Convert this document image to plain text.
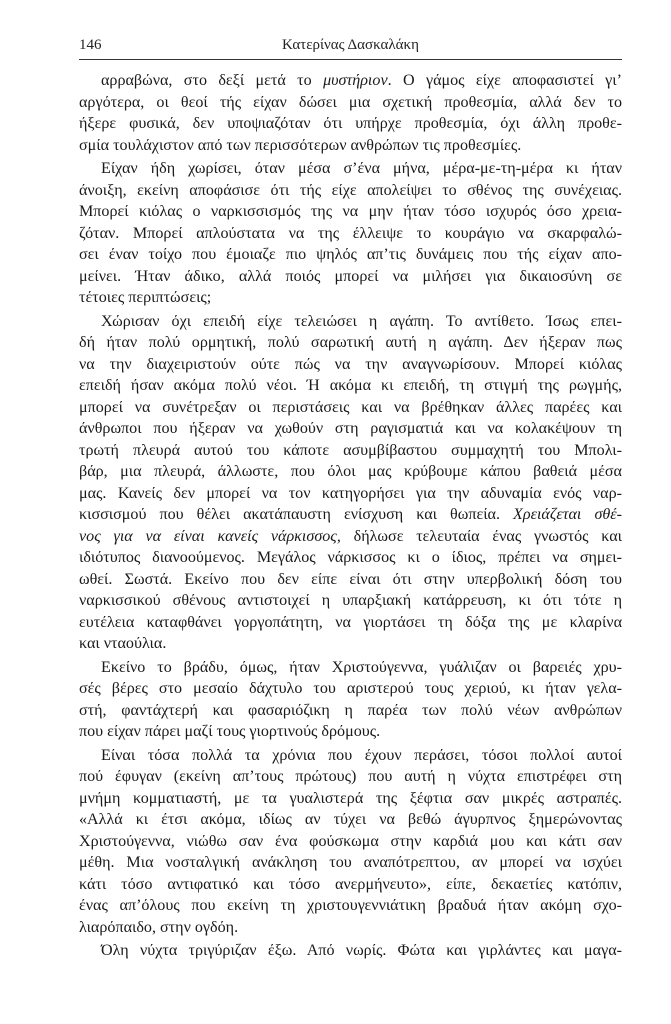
146	Κατερίνας Δασκαλάκη

αρραβώνα, στο δεξί μετά το μυστήριον. Ο γάμος είχε αποφασιστεί γι’

αργότερα, οι θεοί τής είχαν δώσει μια σχετική προθεσμία, αλλά δεν το

ήξερε φυσικά, δεν υποψιαζόταν ότι υπήρχε προθεσμία, όχι άλλη προθε-

σμία τουλάχιστον από των περισσότερων ανθρώπων τις προθεσμίες.

Είχαν ήδη χωρίσει, όταν μέσα σ’ένα μήνα, μέρα-με-τη-μέρα κι ήταν

άνοιξη, εκείνη αποφάσισε ότι τής είχε απολείψει το σθένος της συνέχειας.

Μπορεί κιόλας ο ναρκισσισμός της να μην ήταν τόσο ισχυρός όσο χρεια-

ζόταν. Μπορεί απλούστατα να της έλλειψε το κουράγιο να σκαρφαλώ-

σει έναν τοίχο που έμοιαζε πιο ψηλός απ’τις δυνάμεις που τής είχαν απο-

μείνει. Ήταν άδικο, αλλά ποιός μπορεί να μιλήσει για δικαιοσύνη σε

τέτοιες περιπτώσεις;

Χώρισαν όχι επειδή είχε τελειώσει η αγάπη. Το αντίθετο. Ίσως επει-

δή ήταν πολύ ορμητική, πολύ σαρωτική αυτή η αγάπη. Δεν ήξεραν πως

να την διαχειριστούν ούτε πώς να την αναγνωρίσουν. Μπορεί κιόλας

επειδή ήσαν ακόμα πολύ νέοι. Ή ακόμα κι επειδή, τη στιγμή της ρωγμής,

μπορεί να συνέτρεξαν οι περιστάσεις και να βρέθηκαν άλλες παρέες και

άνθρωποι που ήξεραν να χωθούν στη ραγισματιά και να κολακέψουν τη

τρωτή πλευρά αυτού του κάποτε ασυμβίβαστου συμμαχητή του Μπολι-

βάρ, μια πλευρά, άλλωστε, που όλοι μας κρύβουμε κάπου βαθειά μέσα

μας. Κανείς δεν μπορεί να τον κατηγορήσει για την αδυναμία ενός ναρ-

κισσισμού που θέλει ακατάπαυστη ενίσχυση και θωπεία. Χρειάζεται σθέ-

νος για να είναι κανείς νάρκισσος, δήλωσε τελευταία ένας γνωστός και

ιδιότυπος διανοούμενος. Μεγάλος νάρκισσος κι ο ίδιος, πρέπει να σημει-

ωθεί. Σωστά. Εκείνο που δεν είπε είναι ότι στην υπερβολική δόση του

ναρκισσικού σθένους αντιστοιχεί η υπαρξιακή κατάρρευση, κι ότι τότε η

ευτέλεια καταφθάνει γοργοπάτητη, να γιορτάσει τη δόξα της με κλαρίνα

και νταούλια.

Εκείνο το βράδυ, όμως, ήταν Χριστούγεννα, γυάλιζαν οι βαρειές χρυ-

σές βέρες στο μεσαίο δάχτυλο του αριστερού τους χεριού, κι ήταν γελα-

στή, φαντάχτερή και φασαριόζικη η παρέα των πολύ νέων ανθρώπων

που είχαν πάρει μαζί τους γιορτινούς δρόμους.

Είναι τόσα πολλά τα χρόνια που έχουν περάσει, τόσοι πολλοί αυτοί

πού έφυγαν (εκείνη απ’τους πρώτους) που αυτή η νύχτα επιστρέφει στη

μνήμη κομματιαστή, με τα γυαλιστερά της ξέφτια σαν μικρές αστραπές.

«Αλλά κι έτσι ακόμα, ιδίως αν τύχει να βεθώ άγυρπνος ξημερώνοντας

Χριστούγεννα, νιώθω σαν ένα φούσκωμα στην καρδιά μου και κάτι σαν

μέθη. Μια νοσταλγική ανάκληση του αναπότρεπτου, αν μπορεί να ισχύει

κάτι τόσο αντιφατικό και τόσο ανερμήνευτο», είπε, δεκαετίες κατόπιν,

ένας απ’όλους που εκείνη τη χριστουγεννιάτικη βραδυά ήταν ακόμη σχο-

λιαρόπαιδο, στην ογδόη.

Όλη νύχτα τριγύριζαν έξω. Από νωρίς. Φώτα και γιρλάντες και μαγα-
